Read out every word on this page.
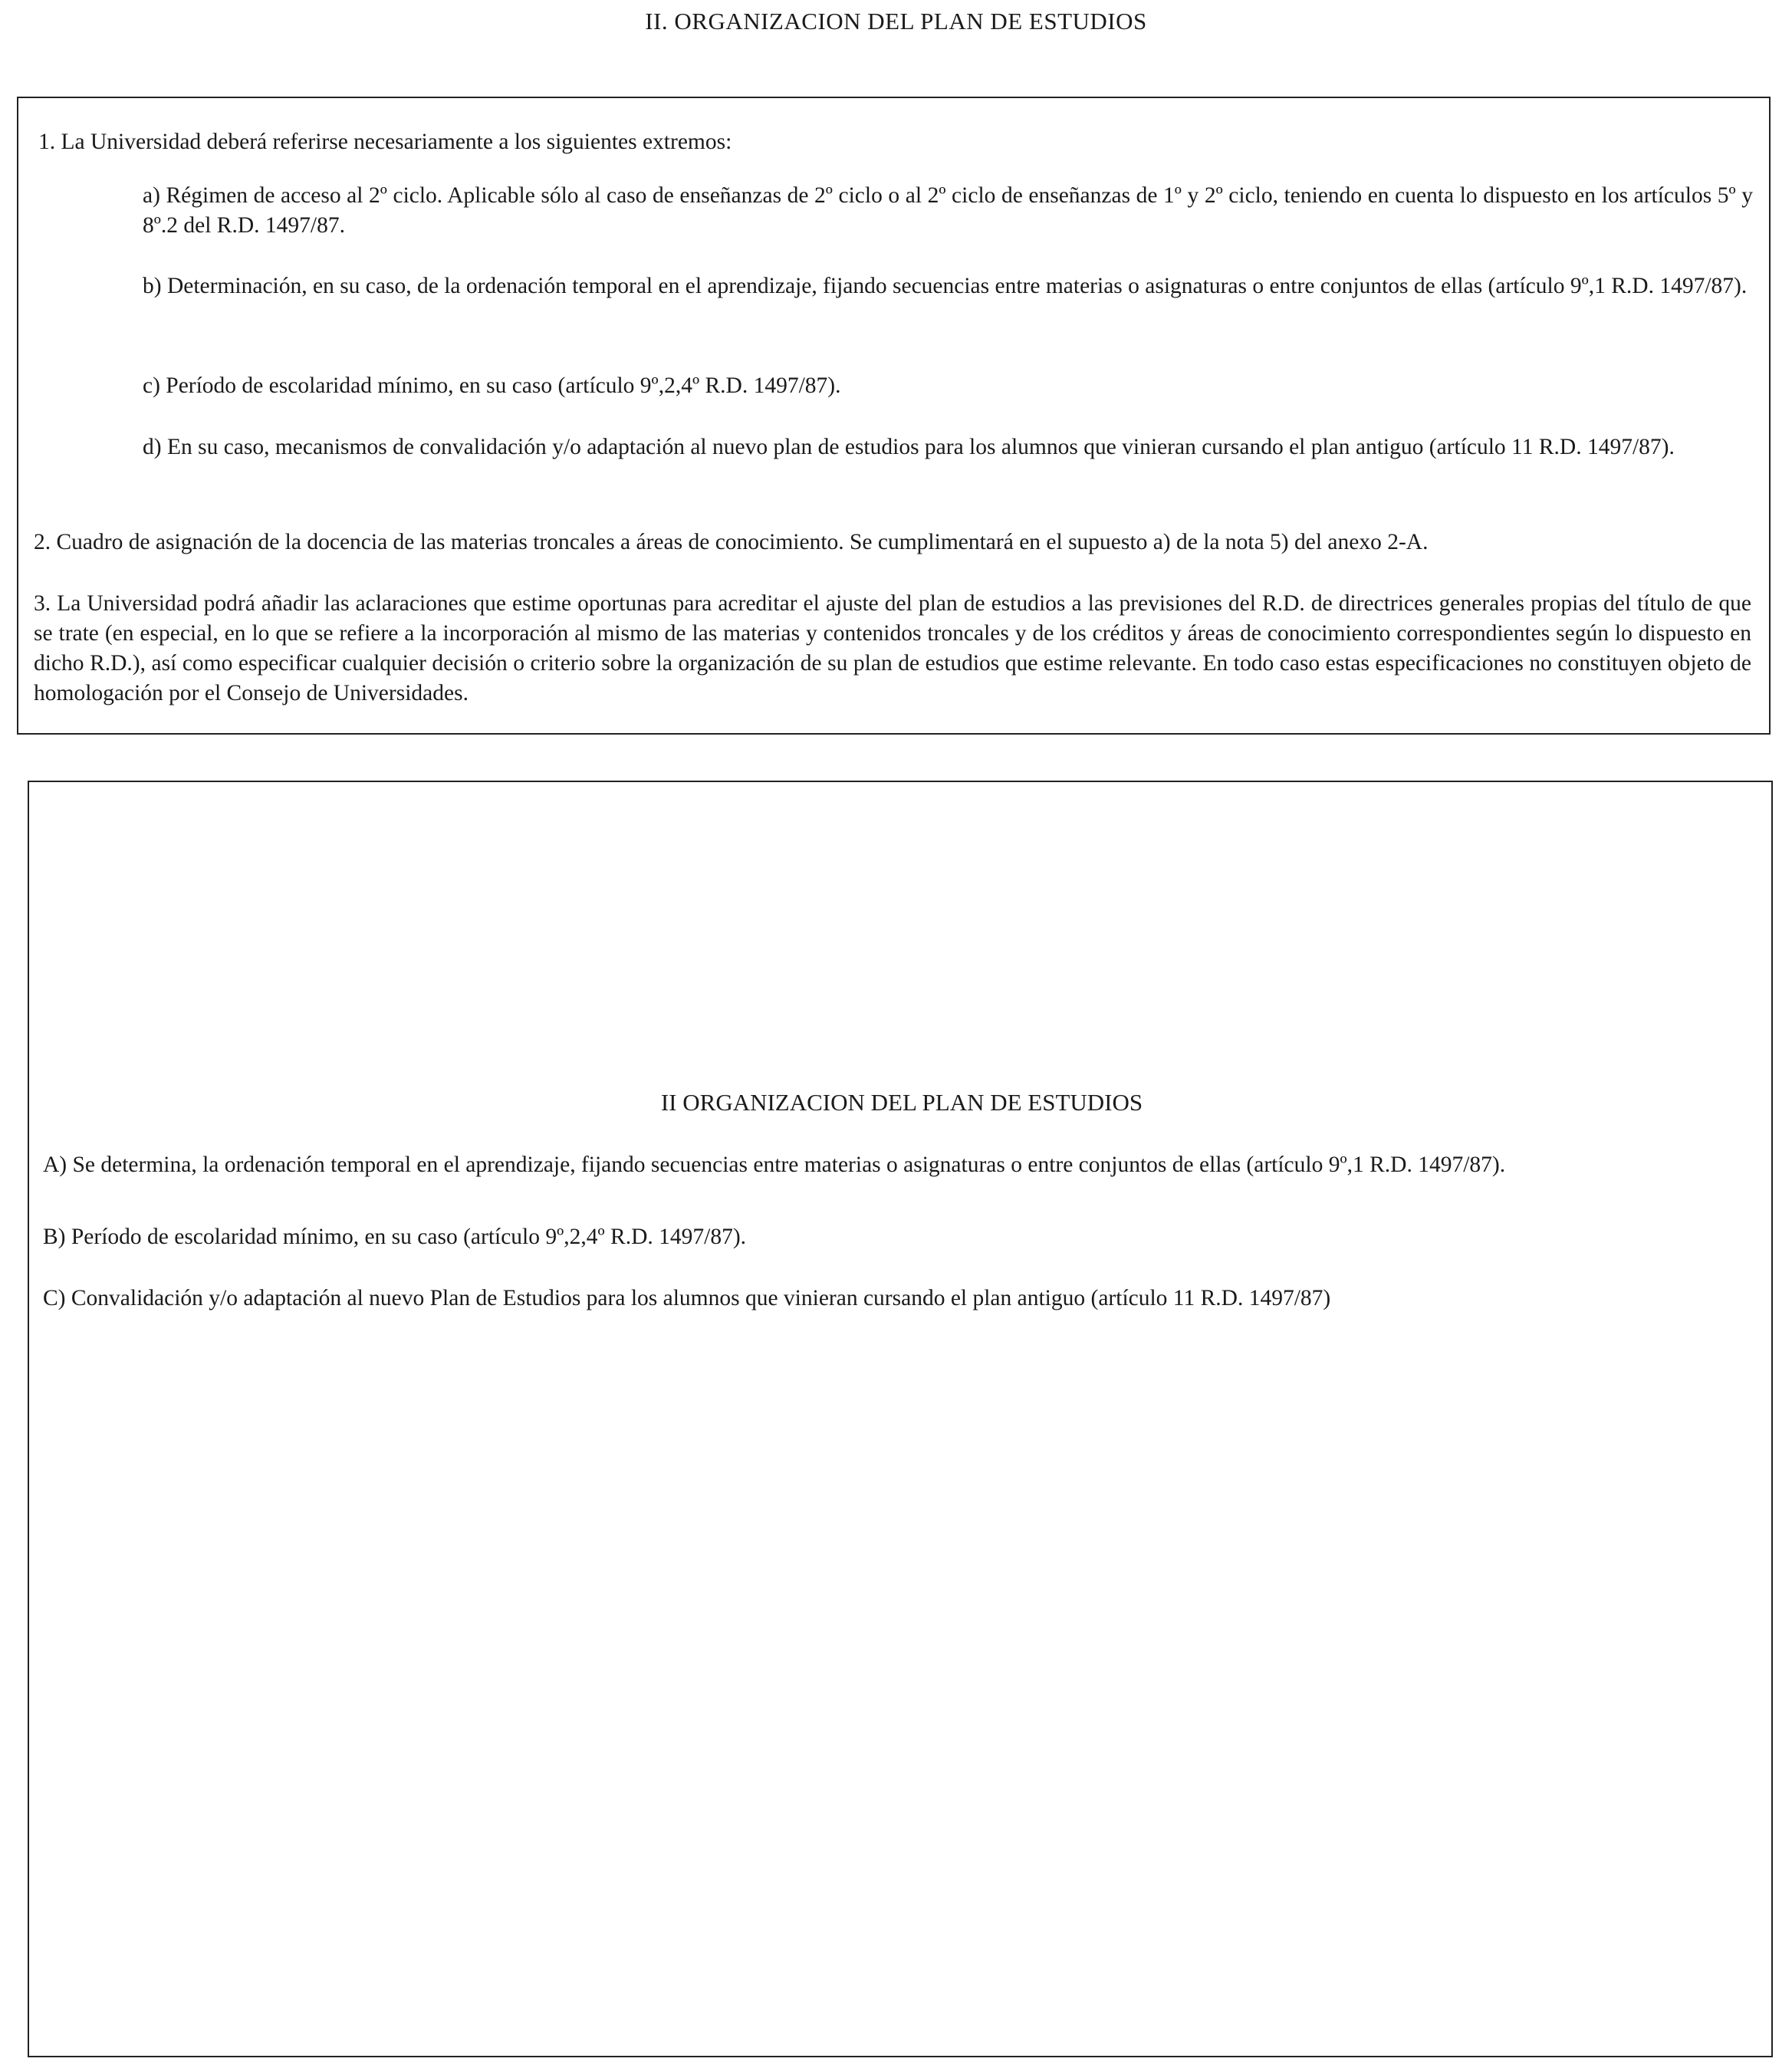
II. ORGANIZACION DEL PLAN DE ESTUDIOS

1. La Universidad deberá referirse necesariamente a los siguientes extremos:

a) Régimen de acceso al 2º ciclo. Aplicable sólo al caso de enseñanzas de 2º ciclo o al 2º ciclo de enseñanzas de 1º y 2º ciclo, teniendo en cuenta lo dispuesto en los artículos 5º y 8º.2 del R.D. 1497/87.

b) Determinación, en su caso, de la ordenación temporal en el aprendizaje, fijando secuencias entre materias o asignaturas o entre conjuntos de ellas (artículo 9º,1 R.D. 1497/87).

c) Período de escolaridad mínimo, en su caso (artículo 9º,2,4º R.D. 1497/87).

d) En su caso, mecanismos de convalidación y/o adaptación al nuevo plan de estudios para los alumnos que vinieran cursando el plan antiguo (artículo 11 R.D. 1497/87).

2. Cuadro de asignación de la docencia de las materias troncales a áreas de conocimiento. Se cumplimentará en el supuesto a) de la nota 5) del anexo 2-A.

3. La Universidad podrá añadir las aclaraciones que estime oportunas para acreditar el ajuste del plan de estudios a las previsiones del R.D. de directrices generales propias del título de que se trate (en especial, en lo que se refiere a la incorporación al mismo de las materias y contenidos troncales y de los créditos y áreas de conocimiento correspondientes según lo dispuesto en dicho R.D.), así como especificar cualquier decisión o criterio sobre la organización de su plan de estudios que estime relevante. En todo caso estas especificaciones no constituyen objeto de homologación por el Consejo de Universidades.

II ORGANIZACION DEL PLAN DE ESTUDIOS

A) Se determina, la ordenación temporal en el aprendizaje, fijando secuencias entre materias o asignaturas o entre conjuntos de ellas (artículo 9º,1 R.D. 1497/87).

B) Período de escolaridad mínimo, en su caso (artículo 9º,2,4º R.D. 1497/87).

C) Convalidación y/o adaptación al nuevo Plan de Estudios para los alumnos que vinieran cursando el plan antiguo (artículo 11 R.D. 1497/87)
